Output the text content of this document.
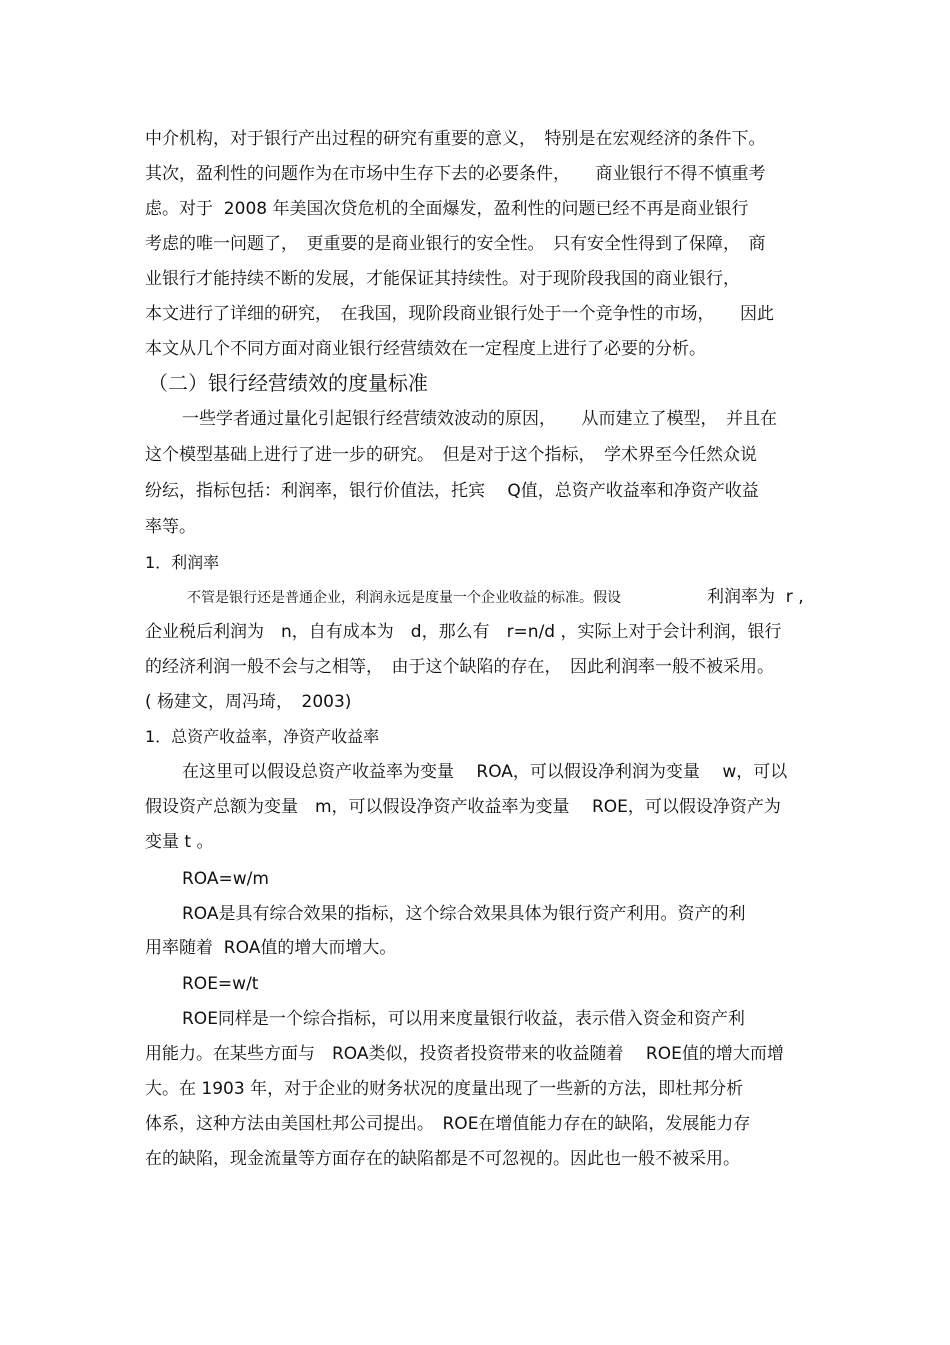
中介机构，对于银行产出过程的研究有重要的意义，　特别是在宏观经济的条件下。
其次，盈利性的问题作为在市场中生存下去的必要条件，　　商业银行不得不慎重考
虑。对于  2008 年美国次贷危机的全面爆发，盈利性的问题已经不再是商业银行
考虑的唯一问题了，　更重要的是商业银行的安全性。　只有安全性得到了保障，　商
业银行才能持续不断的发展，才能保证其持续性。对于现阶段我国的商业银行，
本文进行了详细的研究，　在我国，现阶段商业银行处于一个竞争性的市场，　　因此
本文从几个不同方面对商业银行经营绩效在一定程度上进行了必要的分析。
（二）银行经营绩效的度量标准
一些学者通过量化引起银行经营绩效波动的原因，　　从而建立了模型，　并且在
这个模型基础上进行了进一步的研究。　但是对于这个指标，　学术界至今任然众说
纷纭，指标包括：利润率，银行价值法，托宾　 Q值，总资产收益率和净资产收益
率等。
1．利润率
不管是银行还是普通企业，利润永远是度量一个企业收益的标准。假设	利润率为  r ,
企业税后利润为　n，自有成本为　d，那么有　r=n/d ，实际上对于会计利润，银行
的经济利润一般不会与之相等，　由于这个缺陷的存在，　因此利润率一般不被采用。
( 杨建文，周冯琦，　2003)
1．总资产收益率，净资产收益率
在这里可以假设总资产收益率为变量　 ROA，可以假设净利润为变量　 w，可以
假设资产总额为变量　m，可以假设净资产收益率为变量　 ROE，可以假设净资产为
变量 t 。
ROA=w/m
ROA是具有综合效果的指标，这个综合效果具体为银行资产利用。资产的利
用率随着  ROA值的增大而增大。
ROE=w/t
ROE同样是一个综合指标，可以用来度量银行收益，表示借入资金和资产利
用能力。在某些方面与　ROA类似，投资者投资带来的收益随着　 ROE值的增大而增
大。在 1903 年，对于企业的财务状况的度量出现了一些新的方法，即杜邦分析
体系，这种方法由美国杜邦公司提出。　ROE在增值能力存在的缺陷，发展能力存
在的缺陷，现金流量等方面存在的缺陷都是不可忽视的。因此也一般不被采用。
